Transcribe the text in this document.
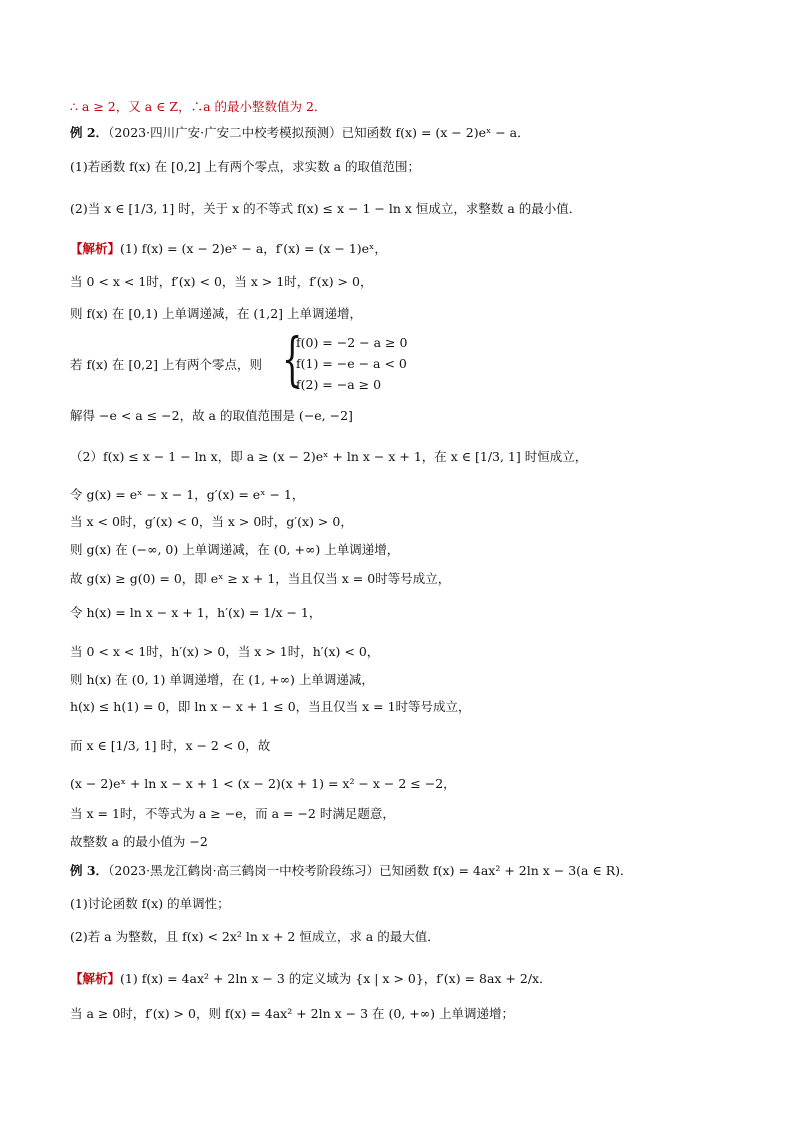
∴ a ≥ 2，又 a ∈ Z，∴a 的最小整数值为 2．
例 2．（2023·四川广安·广安二中校考模拟预测）已知函数 f(x) = (x − 2)eˣ − a．
(1)若函数 f(x) 在 [0,2] 上有两个零点，求实数 a 的取值范围；
(2)当 x ∈ [1/3, 1] 时，关于 x 的不等式 f(x) ≤ x − 1 − ln x 恒成立，求整数 a 的最小值．
【解析】(1) f(x) = (x − 2)eˣ − a，f′(x) = (x − 1)eˣ，
当 0 < x < 1时，f′(x) < 0，当 x > 1时，f′(x) > 0，
则 f(x) 在 [0,1) 上单调递减，在 (1,2] 上单调递增，
若 f(x) 在 [0,2] 上有两个零点，则 {
f(0) = −2 − a ≥ 0
f(1) = −e − a < 0
f(2) = −a ≥ 0
解得 −e < a ≤ −2，故 a 的取值范围是 (−e, −2]
（2）f(x) ≤ x − 1 − ln x，即 a ≥ (x − 2)eˣ + ln x − x + 1，在 x ∈ [1/3, 1] 时恒成立，
令 g(x) = eˣ − x − 1，g′(x) = eˣ − 1，
当 x < 0时，g′(x) < 0，当 x > 0时，g′(x) > 0，
则 g(x) 在 (−∞, 0) 上单调递减，在 (0, +∞) 上单调递增，
故 g(x) ≥ g(0) = 0，即 eˣ ≥ x + 1，当且仅当 x = 0时等号成立，
令 h(x) = ln x − x + 1，h′(x) = 1/x − 1，
当 0 < x < 1时，h′(x) > 0，当 x > 1时，h′(x) < 0，
则 h(x) 在 (0, 1) 单调递增，在 (1, +∞) 上单调递减，
h(x) ≤ h(1) = 0，即 ln x − x + 1 ≤ 0，当且仅当 x = 1时等号成立，
而 x ∈ [1/3, 1] 时，x − 2 < 0，故
(x − 2)eˣ + ln x − x + 1 < (x − 2)(x + 1) = x² − x − 2 ≤ −2，
当 x = 1时，不等式为 a ≥ −e，而 a = −2 时满足题意，
故整数 a 的最小值为 −2
例 3．（2023·黑龙江鹤岗·高三鹤岗一中校考阶段练习）已知函数 f(x) = 4ax² + 2ln x − 3(a ∈ R)．
(1)讨论函数 f(x) 的单调性；
(2)若 a 为整数，且 f(x) < 2x² ln x + 2 恒成立，求 a 的最大值．
【解析】(1) f(x) = 4ax² + 2ln x − 3 的定义域为 {x | x > 0}，f′(x) = 8ax + 2/x．
当 a ≥ 0时，f′(x) > 0，则 f(x) = 4ax² + 2ln x − 3 在 (0, +∞) 上单调递增；
